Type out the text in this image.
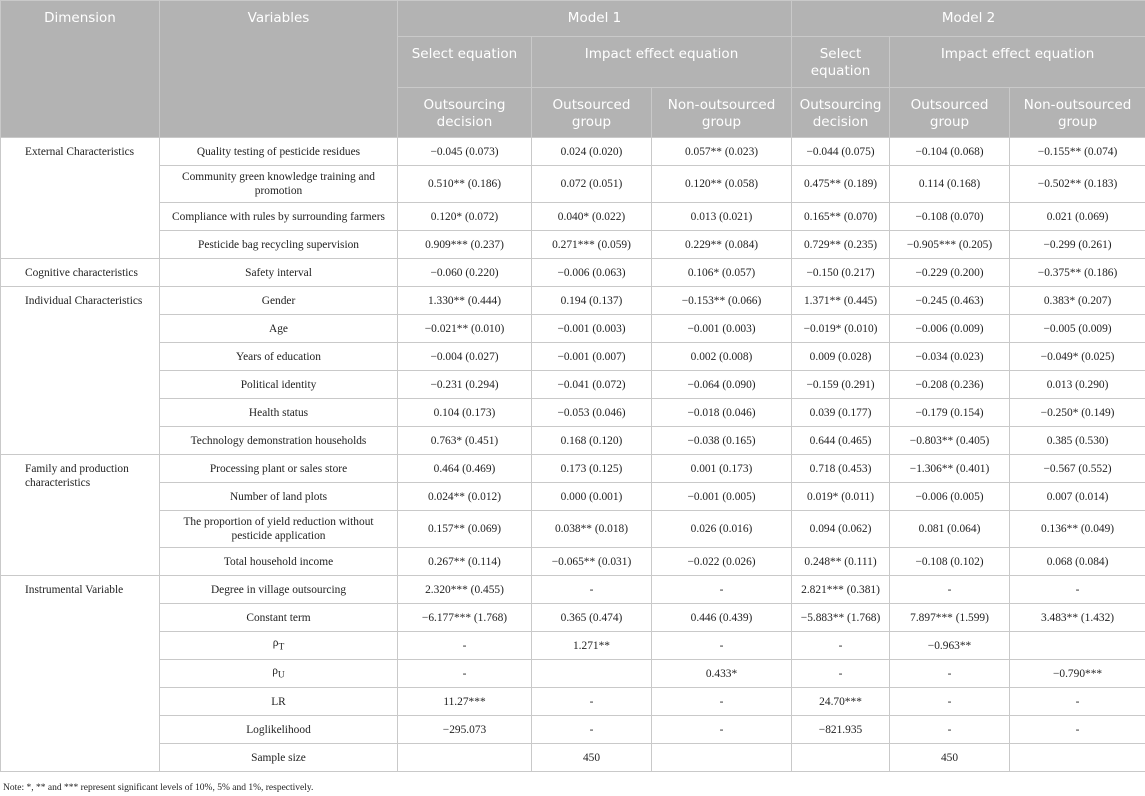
Dimension	Variables	Model 1			Model 2		
		Select equation	Impact effect equation		Select equation	Impact effect equation	
		Outsourcing decision	Outsourced group	Non-outsourced group	Outsourcing decision	Outsourced group	Non-outsourced group
External Characteristics	Quality testing of pesticide residues	−0.045 (0.073)	0.024 (0.020)	0.057** (0.023)	−0.044 (0.075)	−0.104 (0.068)	−0.155** (0.074)
	Community green knowledge training and promotion	0.510** (0.186)	0.072 (0.051)	0.120** (0.058)	0.475** (0.189)	0.114 (0.168)	−0.502** (0.183)
	Compliance with rules by surrounding farmers	0.120* (0.072)	0.040* (0.022)	0.013 (0.021)	0.165** (0.070)	−0.108 (0.070)	0.021 (0.069)
	Pesticide bag recycling supervision	0.909*** (0.237)	0.271*** (0.059)	0.229** (0.084)	0.729** (0.235)	−0.905*** (0.205)	−0.299 (0.261)
Cognitive characteristics	Safety interval	−0.060 (0.220)	−0.006 (0.063)	0.106* (0.057)	−0.150 (0.217)	−0.229 (0.200)	−0.375** (0.186)
Individual Characteristics	Gender	1.330** (0.444)	0.194 (0.137)	−0.153** (0.066)	1.371** (0.445)	−0.245 (0.463)	0.383* (0.207)
	Age	−0.021** (0.010)	−0.001 (0.003)	−0.001 (0.003)	−0.019* (0.010)	−0.006 (0.009)	−0.005 (0.009)
	Years of education	−0.004 (0.027)	−0.001 (0.007)	0.002 (0.008)	0.009 (0.028)	−0.034 (0.023)	−0.049* (0.025)
	Political identity	−0.231 (0.294)	−0.041 (0.072)	−0.064 (0.090)	−0.159 (0.291)	−0.208 (0.236)	0.013 (0.290)
	Health status	0.104 (0.173)	−0.053 (0.046)	−0.018 (0.046)	0.039 (0.177)	−0.179 (0.154)	−0.250* (0.149)
	Technology demonstration households	0.763* (0.451)	0.168 (0.120)	−0.038 (0.165)	0.644 (0.465)	−0.803** (0.405)	0.385 (0.530)
Family and production characteristics	Processing plant or sales store	0.464 (0.469)	0.173 (0.125)	0.001 (0.173)	0.718 (0.453)	−1.306** (0.401)	−0.567 (0.552)
	Number of land plots	0.024** (0.012)	0.000 (0.001)	−0.001 (0.005)	0.019* (0.011)	−0.006 (0.005)	0.007 (0.014)
	The proportion of yield reduction without pesticide application	0.157** (0.069)	0.038** (0.018)	0.026 (0.016)	0.094 (0.062)	0.081 (0.064)	0.136** (0.049)
	Total household income	0.267** (0.114)	−0.065** (0.031)	−0.022 (0.026)	0.248** (0.111)	−0.108 (0.102)	0.068 (0.084)
Instrumental Variable	Degree in village outsourcing	2.320*** (0.455)	-	-	2.821*** (0.381)	-	-
	Constant term	−6.177*** (1.768)	0.365 (0.474)	0.446 (0.439)	−5.883** (1.768)	7.897*** (1.599)	3.483** (1.432)
	$\rho_T$	-	1.271**	-	-	−0.963**	
	$\rho_U$	-		0.433*	-	-	−0.790***
	LR	11.27***	-	-	24.70***	-	-
	Loglikelihood	−295.073	-	-	−821.935	-	-
	Sample size		450			450	
Note: *, ** and *** represent significant levels of 10%, 5% and 1%, respectively.
